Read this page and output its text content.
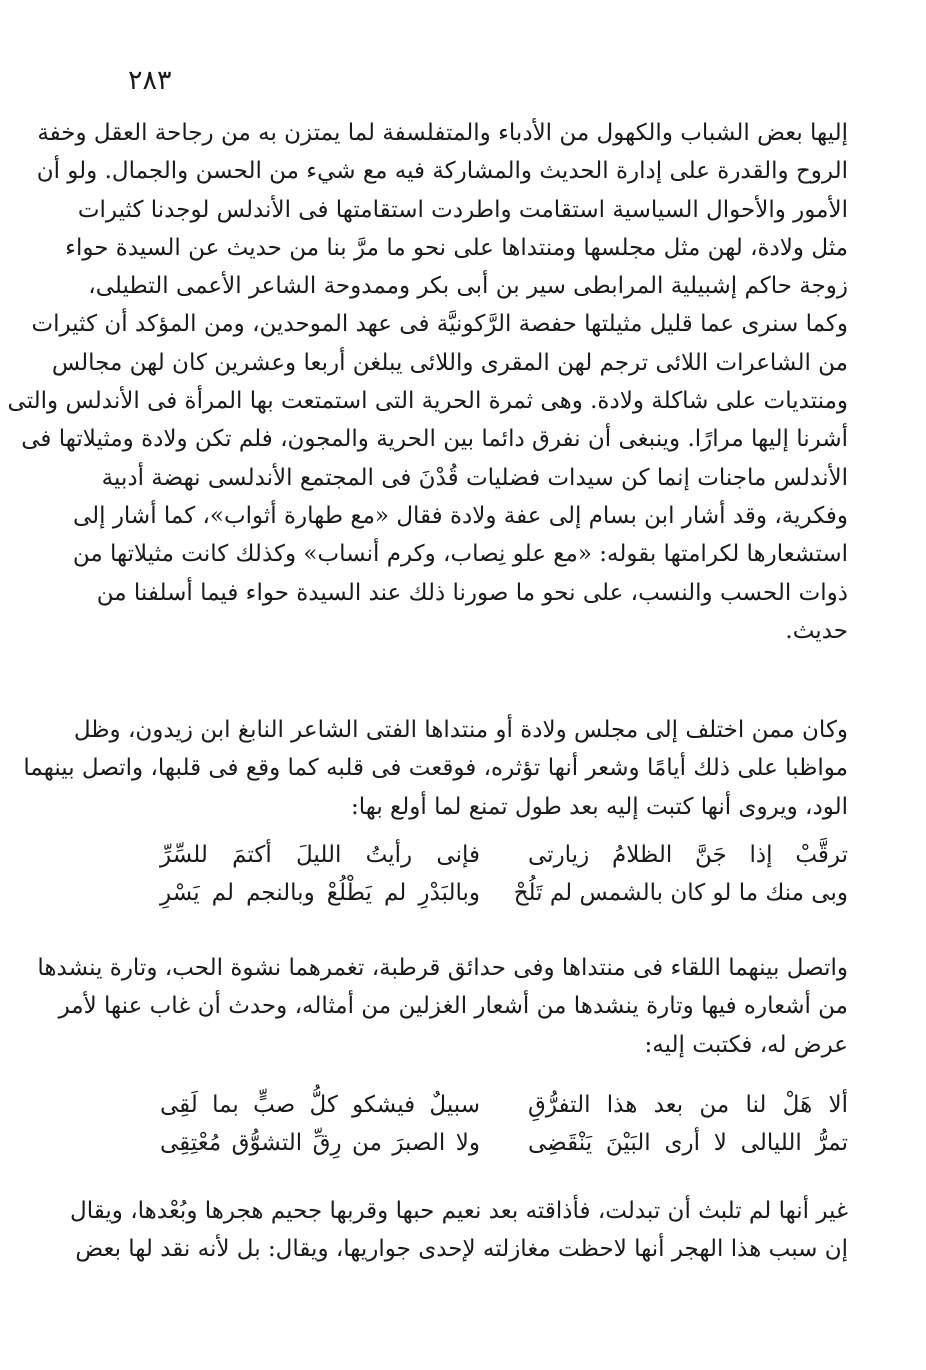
٢٨٣
إليها بعض الشباب والكهول من الأدباء والمتفلسفة لما يمتزن به من رجاحة العقل وخفة
الروح والقدرة على إدارة الحديث والمشاركة فيه مع شيء من الحسن والجمال. ولو أن
الأمور والأحوال السياسية استقامت واطردت استقامتها فى الأندلس لوجدنا كثيرات
مثل ولادة، لهن مثل مجلسها ومنتداها على نحو ما مرَّ بنا من حديث عن السيدة حواء
زوجة حاكم إشبيلية المرابطى سير بن أبى بكر وممدوحة الشاعر الأعمى التطيلى،
وكما سنرى عما قليل مثيلتها حفصة الرَّكونيَّة فى عهد الموحدين، ومن المؤكد أن كثيرات
من الشاعرات اللائى ترجم لهن المقرى واللائى يبلغن أربعا وعشرين كان لهن مجالس
ومنتديات على شاكلة ولادة. وهى ثمرة الحرية التى استمتعت بها المرأة فى الأندلس والتى
أشرنا إليها مرارًا. وينبغى أن نفرق دائما بين الحرية والمجون، فلم تكن ولادة ومثيلاتها فى
الأندلس ماجنات إنما كن سيدات فضليات قُدْنَ فى المجتمع الأندلسى نهضة أدبية
وفكرية، وقد أشار ابن بسام إلى عفة ولادة فقال «مع طهارة أثواب»، كما أشار إلى
استشعارها لكرامتها بقوله: «مع علو نِصاب، وكرم أنساب» وكذلك كانت مثيلاتها من
ذوات الحسب والنسب، على نحو ما صورنا ذلك عند السيدة حواء فيما أسلفنا من
حديث.
وكان ممن اختلف إلى مجلس ولادة أو منتداها الفتى الشاعر النابغ ابن زيدون، وظل
مواظبا على ذلك أيامًا وشعر أنها تؤثره، فوقعت فى قلبه كما وقع فى قلبها، واتصل بينهما
الود، ويروى أنها كتبت إليه بعد طول تمنع لما أولع بها:
ترقَّبْ إذا جَنَّ الظلامُ زيارتى
فإنى رأيتُ الليلَ أكتمَ للسِّرِّ
وبى منك ما لو كان بالشمس لم تَلُحْ
وبالبَدْرِ لم يَطْلُعْ وبالنجم لم يَسْرِ
واتصل بينهما اللقاء فى منتداها وفى حدائق قرطبة، تغمرهما نشوة الحب، وتارة ينشدها
من أشعاره فيها وتارة ينشدها من أشعار الغزلين من أمثاله، وحدث أن غاب عنها لأمر
عرض له، فكتبت إليه:
ألا هَلْ لنا من بعد هذا التفرُّقِ
سبيلٌ فيشكو كلُّ صبٍّ بما لَقِى
تمرُّ الليالى لا أرى البَيْنَ يَنْقَضِى
ولا الصبرَ من رِقِّ التشوُّق مُعْتِقِى
غير أنها لم تلبث أن تبدلت، فأذاقته بعد نعيم حبها وقربها جحيم هجرها وبُعْدها، ويقال
إن سبب هذا الهجر أنها لاحظت مغازلته لإحدى جواريها، ويقال: بل لأنه نقد لها بعض
